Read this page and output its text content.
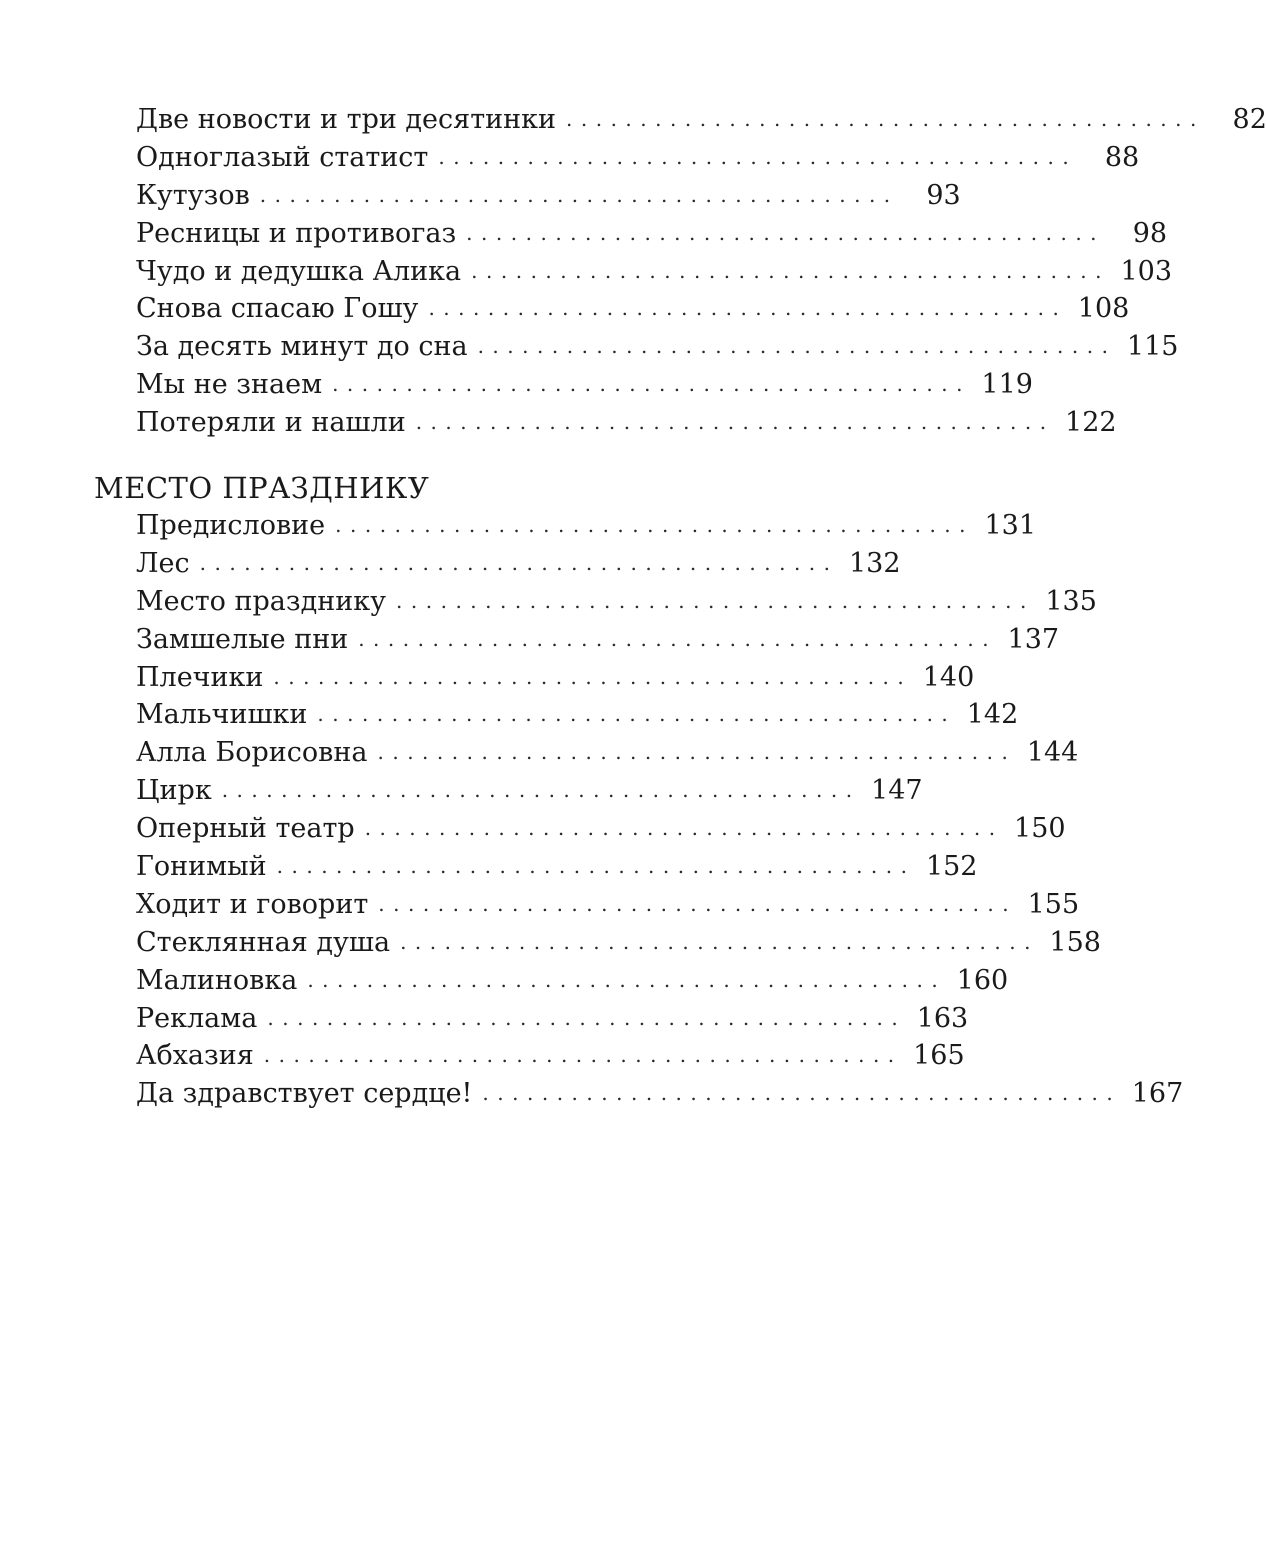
Две новости и три десятинки ...........................................	82
Одноглазый статист ...........................................	88
Кутузов ...........................................	93
Ресницы и противогаз ...........................................	98
Чудо и дедушка Алика ........................................... 103
Снова спасаю Гошу ........................................... 108
За десять минут до сна ........................................... 115
Мы не знаем ........................................... 119
Потеряли и нашли ........................................... 122
МЕСТО ПРАЗДНИКУ
Предисловие ........................................... 131
Лес ........................................... 132
Место празднику ........................................... 135
Замшелые пни ........................................... 137
Плечики ........................................... 140
Мальчишки ........................................... 142
Алла Борисовна ........................................... 144
Цирк ........................................... 147
Оперный театр ........................................... 150
Гонимый ........................................... 152
Ходит и говорит ........................................... 155
Стеклянная душа ........................................... 158
Малиновка ........................................... 160
Реклама ........................................... 163
Абхазия ........................................... 165
Да здравствует сердце! ........................................... 167
